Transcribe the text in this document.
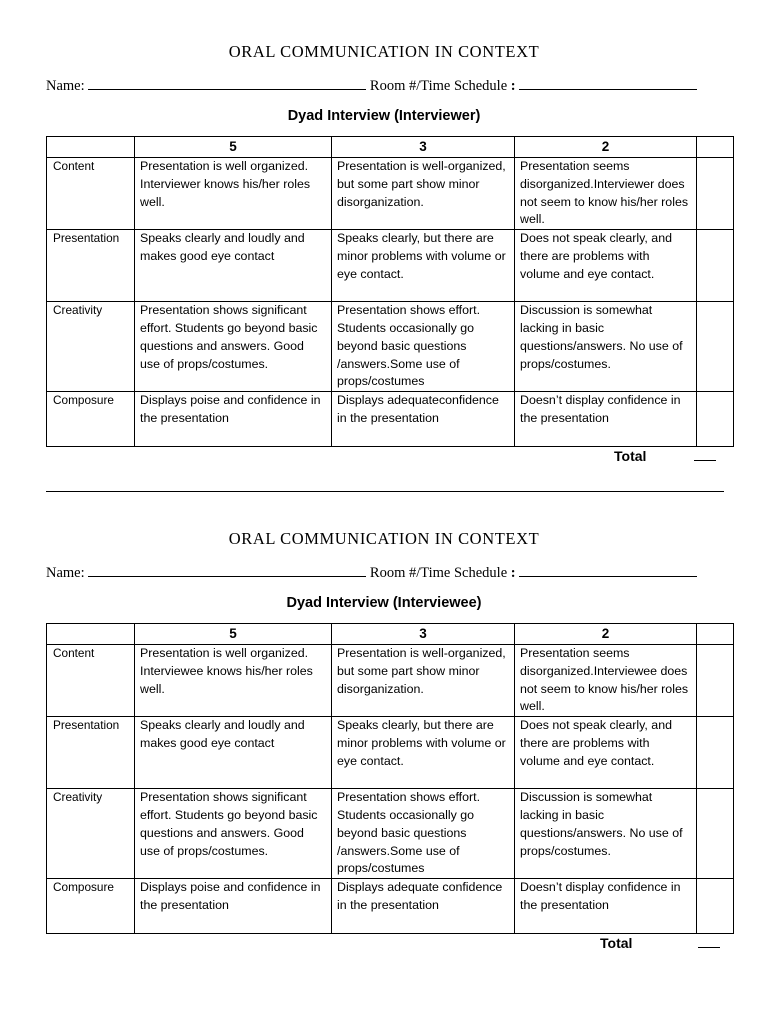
ORAL COMMUNICATION IN CONTEXT
Name:	Room #/Time Schedule :
Dyad Interview (Interviewer)
	5	3	2	
Content	Presentation is well organized. Interviewer knows his/her roles well.	Presentation is well-organized, but some part show minor disorganization.	Presentation seems disorganized.Interviewer does not seem to know his/her roles well.	
Presentation	Speaks clearly and loudly and makes good eye contact	Speaks clearly, but there are minor problems with volume or eye contact.	Does not speak clearly, and there are problems with volume and eye contact.	
Creativity	Presentation shows significant effort. Students go beyond basic questions and answers. Good use of props/costumes.	Presentation shows effort. Students occasionally go beyond basic questions /answers.Some use of props/costumes	Discussion is somewhat lacking in basic questions/answers. No use of props/costumes.	
Composure	Displays poise and confidence in the presentation	Displays adequateconfidence in the presentation	Doesn’t display confidence in the presentation	
Total
ORAL COMMUNICATION IN CONTEXT
Name:	Room #/Time Schedule :
Dyad Interview (Interviewee)
	5	3	2	
Content	Presentation is well organized. Interviewee knows his/her roles well.	Presentation is well-organized, but some part show minor disorganization.	Presentation seems disorganized.Interviewee does not seem to know his/her roles well.	
Presentation	Speaks clearly and loudly and makes good eye contact	Speaks clearly, but there are minor problems with volume or eye contact.	Does not speak clearly, and there are problems with volume and eye contact.	
Creativity	Presentation shows significant effort. Students go beyond basic questions and answers. Good use of props/costumes.	Presentation shows effort. Students occasionally go beyond basic questions /answers.Some use of props/costumes	Discussion is somewhat lacking in basic questions/answers. No use of props/costumes.	
Composure	Displays poise and confidence in the presentation	Displays adequate confidence in the presentation	Doesn’t display confidence in the presentation	
Total
